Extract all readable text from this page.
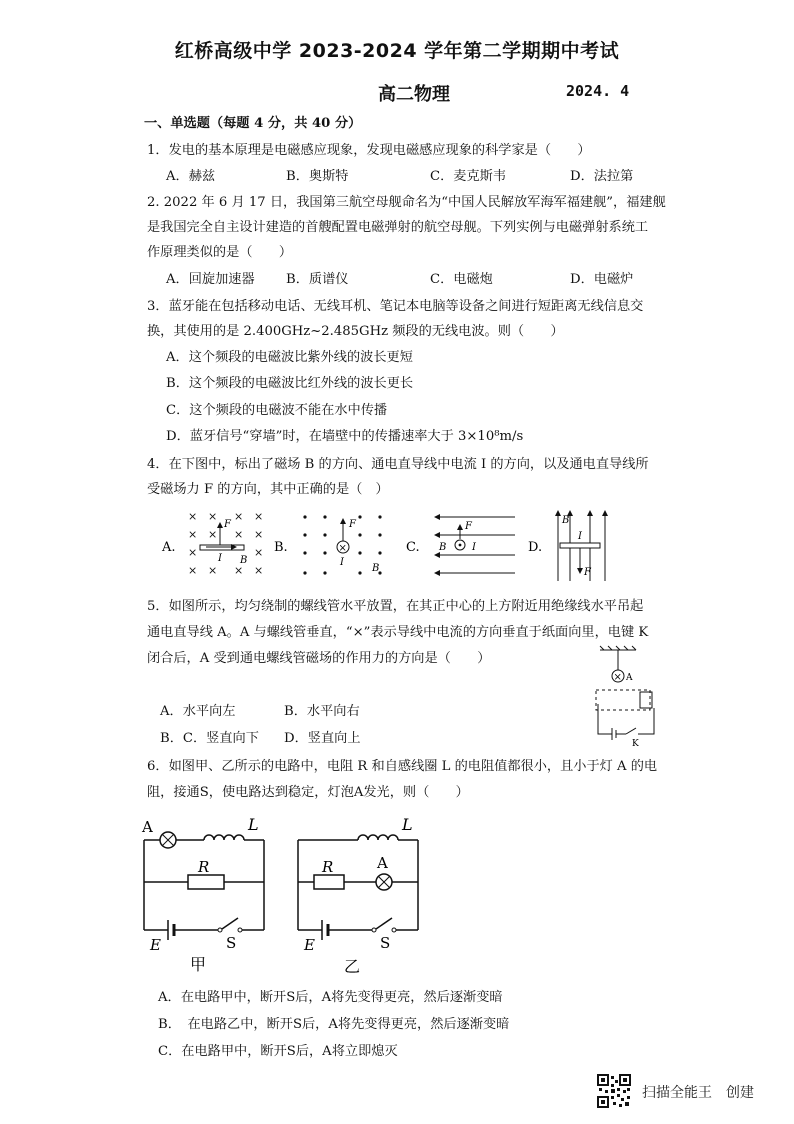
红桥高级中学 2023-2024 学年第二学期期中考试
高二物理	2024. 4
一、单选题（每题 4 分，共 40 分）
1．发电的基本原理是电磁感应现象，发现电磁感应现象的科学家是（　　）
A．赫兹	B．奥斯特	C．麦克斯韦	D．法拉第
2. 2022 年 6 月 17 日，我国第三航空母舰命名为“中国人民解放军海军福建舰”，福建舰
是我国完全自主设计建造的首艘配置电磁弹射的航空母舰。下列实例与电磁弹射系统工
作原理类似的是（　　）
A．回旋加速器 B．质谱仪	C．电磁炮	D．电磁炉
3．蓝牙能在包括移动电话、无线耳机、笔记本电脑等设备之间进行短距离无线信息交
换，其使用的是 2.400GHz~2.485GHz 频段的无线电波。则（　　）
A．这个频段的电磁波比紫外线的波长更短
B．这个频段的电磁波比红外线的波长更长
C．这个频段的电磁波不能在水中传播
D．蓝牙信号“穿墙”时，在墙壁中的传播速率大于 3×10⁸m/s
4．在下图中，标出了磁场 B 的方向、通电直导线中电流 I 的方向，以及通电直导线所
受磁场力 F 的方向，其中正确的是（　）
A.
× × × ×
× × × ×
×	×
× × × ×
F
I B
B.	×
F
I
B
C.
F
B	I	D.
F
B
I
5．如图所示，均匀绕制的螺线管水平放置，在其正中心的上方附近用绝缘线水平吊起
通电直导线 A。A 与螺线管垂直，“×”表示导线中电流的方向垂直于纸面向里，电键 K
闭合后，A 受到通电螺线管磁场的作用力的方向是（　　）
A．水平向左	B．水平向右
B．C．竖直向下 D．竖直向上
× A
K
6．如图甲、乙所示的电路中，电阻 R 和自感线圈 L 的电阻值都很小，且小于灯 A 的电
阻，接通S，使电路达到稳定，灯泡A发光，则（　　）
A	L
R
E	S
甲
L
R	A
E	S
乙
A．在电路甲中，断开S后，A将先变得更亮，然后逐渐变暗
B．　在电路乙中，断开S后，A将先变得更亮，然后逐渐变暗
C．在电路甲中，断开S后，A将立即熄灭
扫描全能王　创建
